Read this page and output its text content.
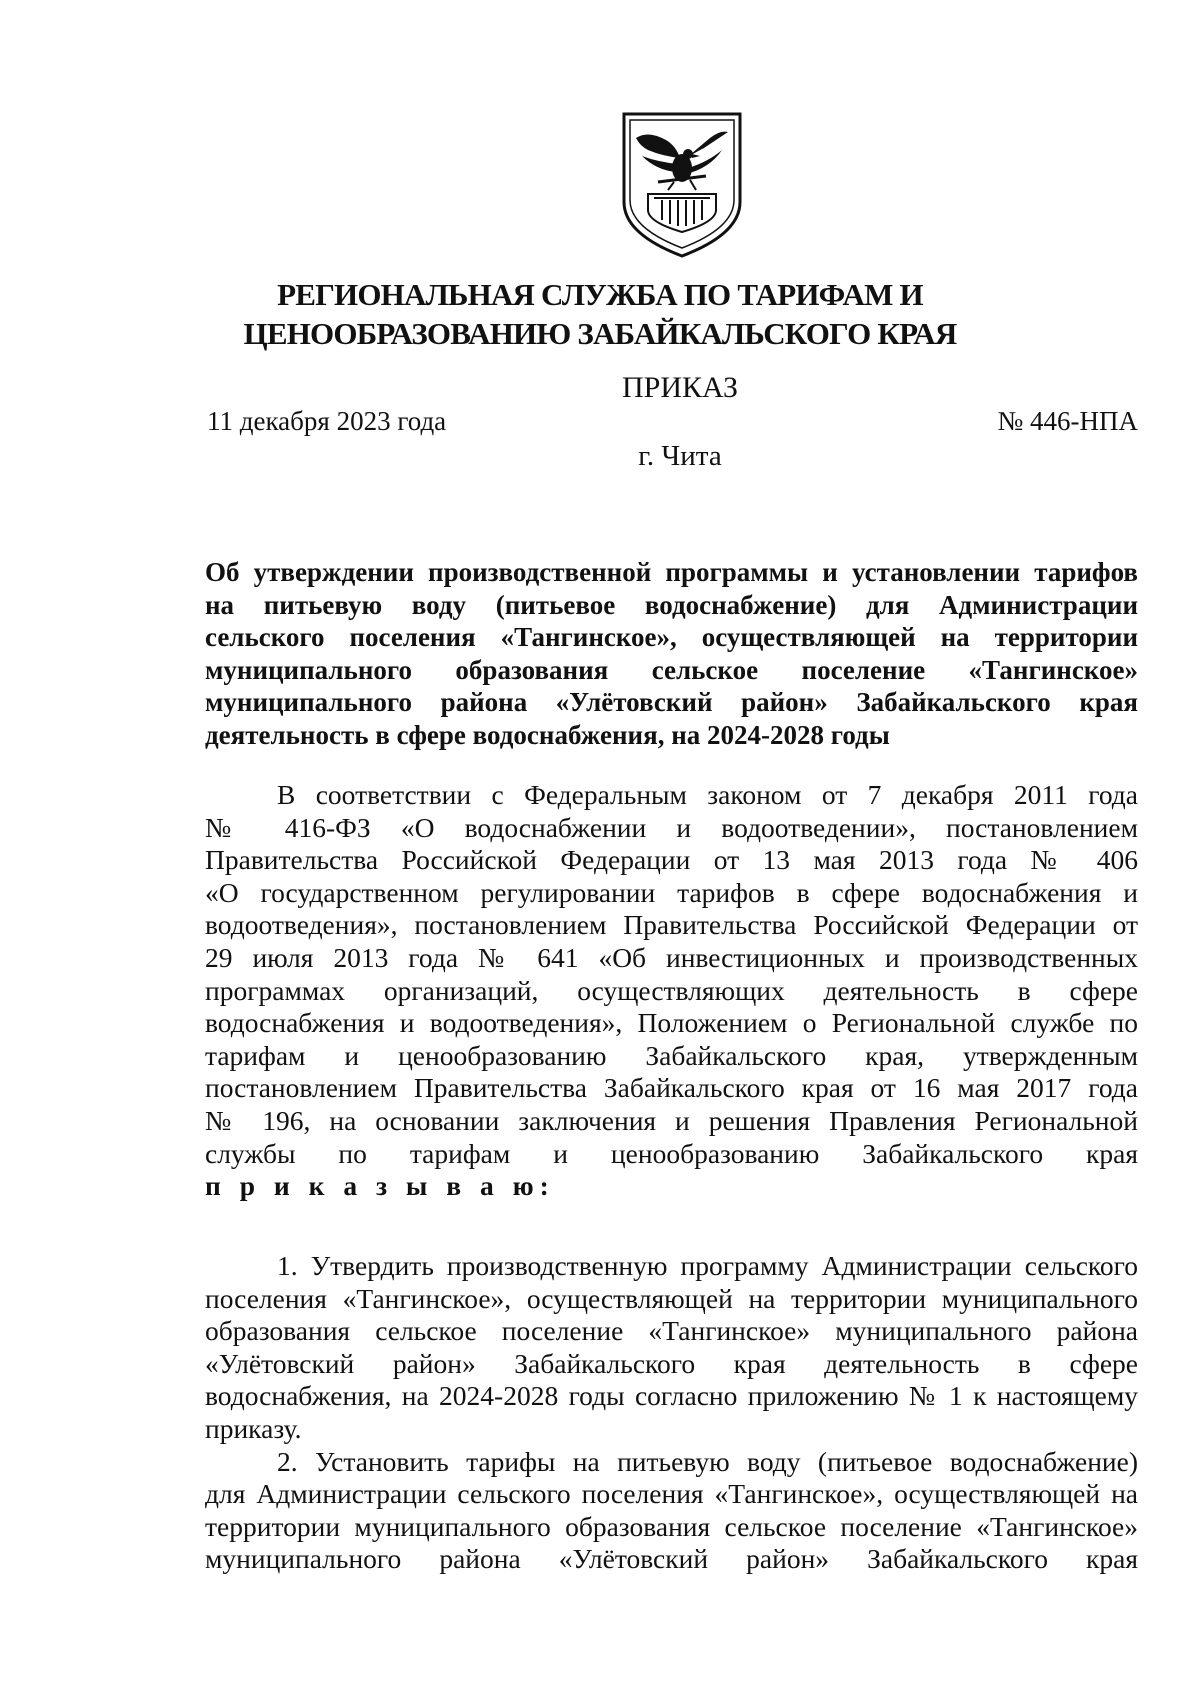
РЕГИОНАЛЬНАЯ СЛУЖБА ПО ТАРИФАМ И
ЦЕНООБРАЗОВАНИЮ ЗАБАЙКАЛЬСКОГО КРАЯ
ПРИКАЗ
11 декабря 2023 года	№ 446-НПА
г. Чита
Об утверждении производственной программы и установлении тарифов
на питьевую воду (питьевое водоснабжение) для Администрации
сельского поселения «Тангинское», осуществляющей на территории
муниципального образования сельское поселение «Тангинское»
муниципального района «Улётовский район» Забайкальского края
деятельность в сфере водоснабжения, на 2024-2028 годы
В соответствии с Федеральным законом от 7 декабря 2011 года
№ 416-ФЗ «О водоснабжении и водоотведении», постановлением
Правительства Российской Федерации от 13 мая 2013 года № 406
«О государственном регулировании тарифов в сфере водоснабжения и
водоотведения», постановлением Правительства Российской Федерации от
29 июля 2013 года № 641 «Об инвестиционных и производственных
программах организаций, осуществляющих деятельность в сфере
водоснабжения и водоотведения», Положением о Региональной службе по
тарифам и ценообразованию Забайкальского края, утвержденным
постановлением Правительства Забайкальского края от 16 мая 2017 года
№ 196, на основании заключения и решения Правления Региональной
службы по тарифам и ценообразованию Забайкальского края
п р и к а з ы в а ю:
1. Утвердить производственную программу Администрации сельского
поселения «Тангинское», осуществляющей на территории муниципального
образования сельское поселение «Тангинское» муниципального района
«Улётовский район» Забайкальского края деятельность в сфере
водоснабжения, на 2024-2028 годы согласно приложению № 1 к настоящему
приказу.
2. Установить тарифы на питьевую воду (питьевое водоснабжение)
для Администрации сельского поселения «Тангинское», осуществляющей на
территории муниципального образования сельское поселение «Тангинское»
муниципального района «Улётовский район» Забайкальского края
